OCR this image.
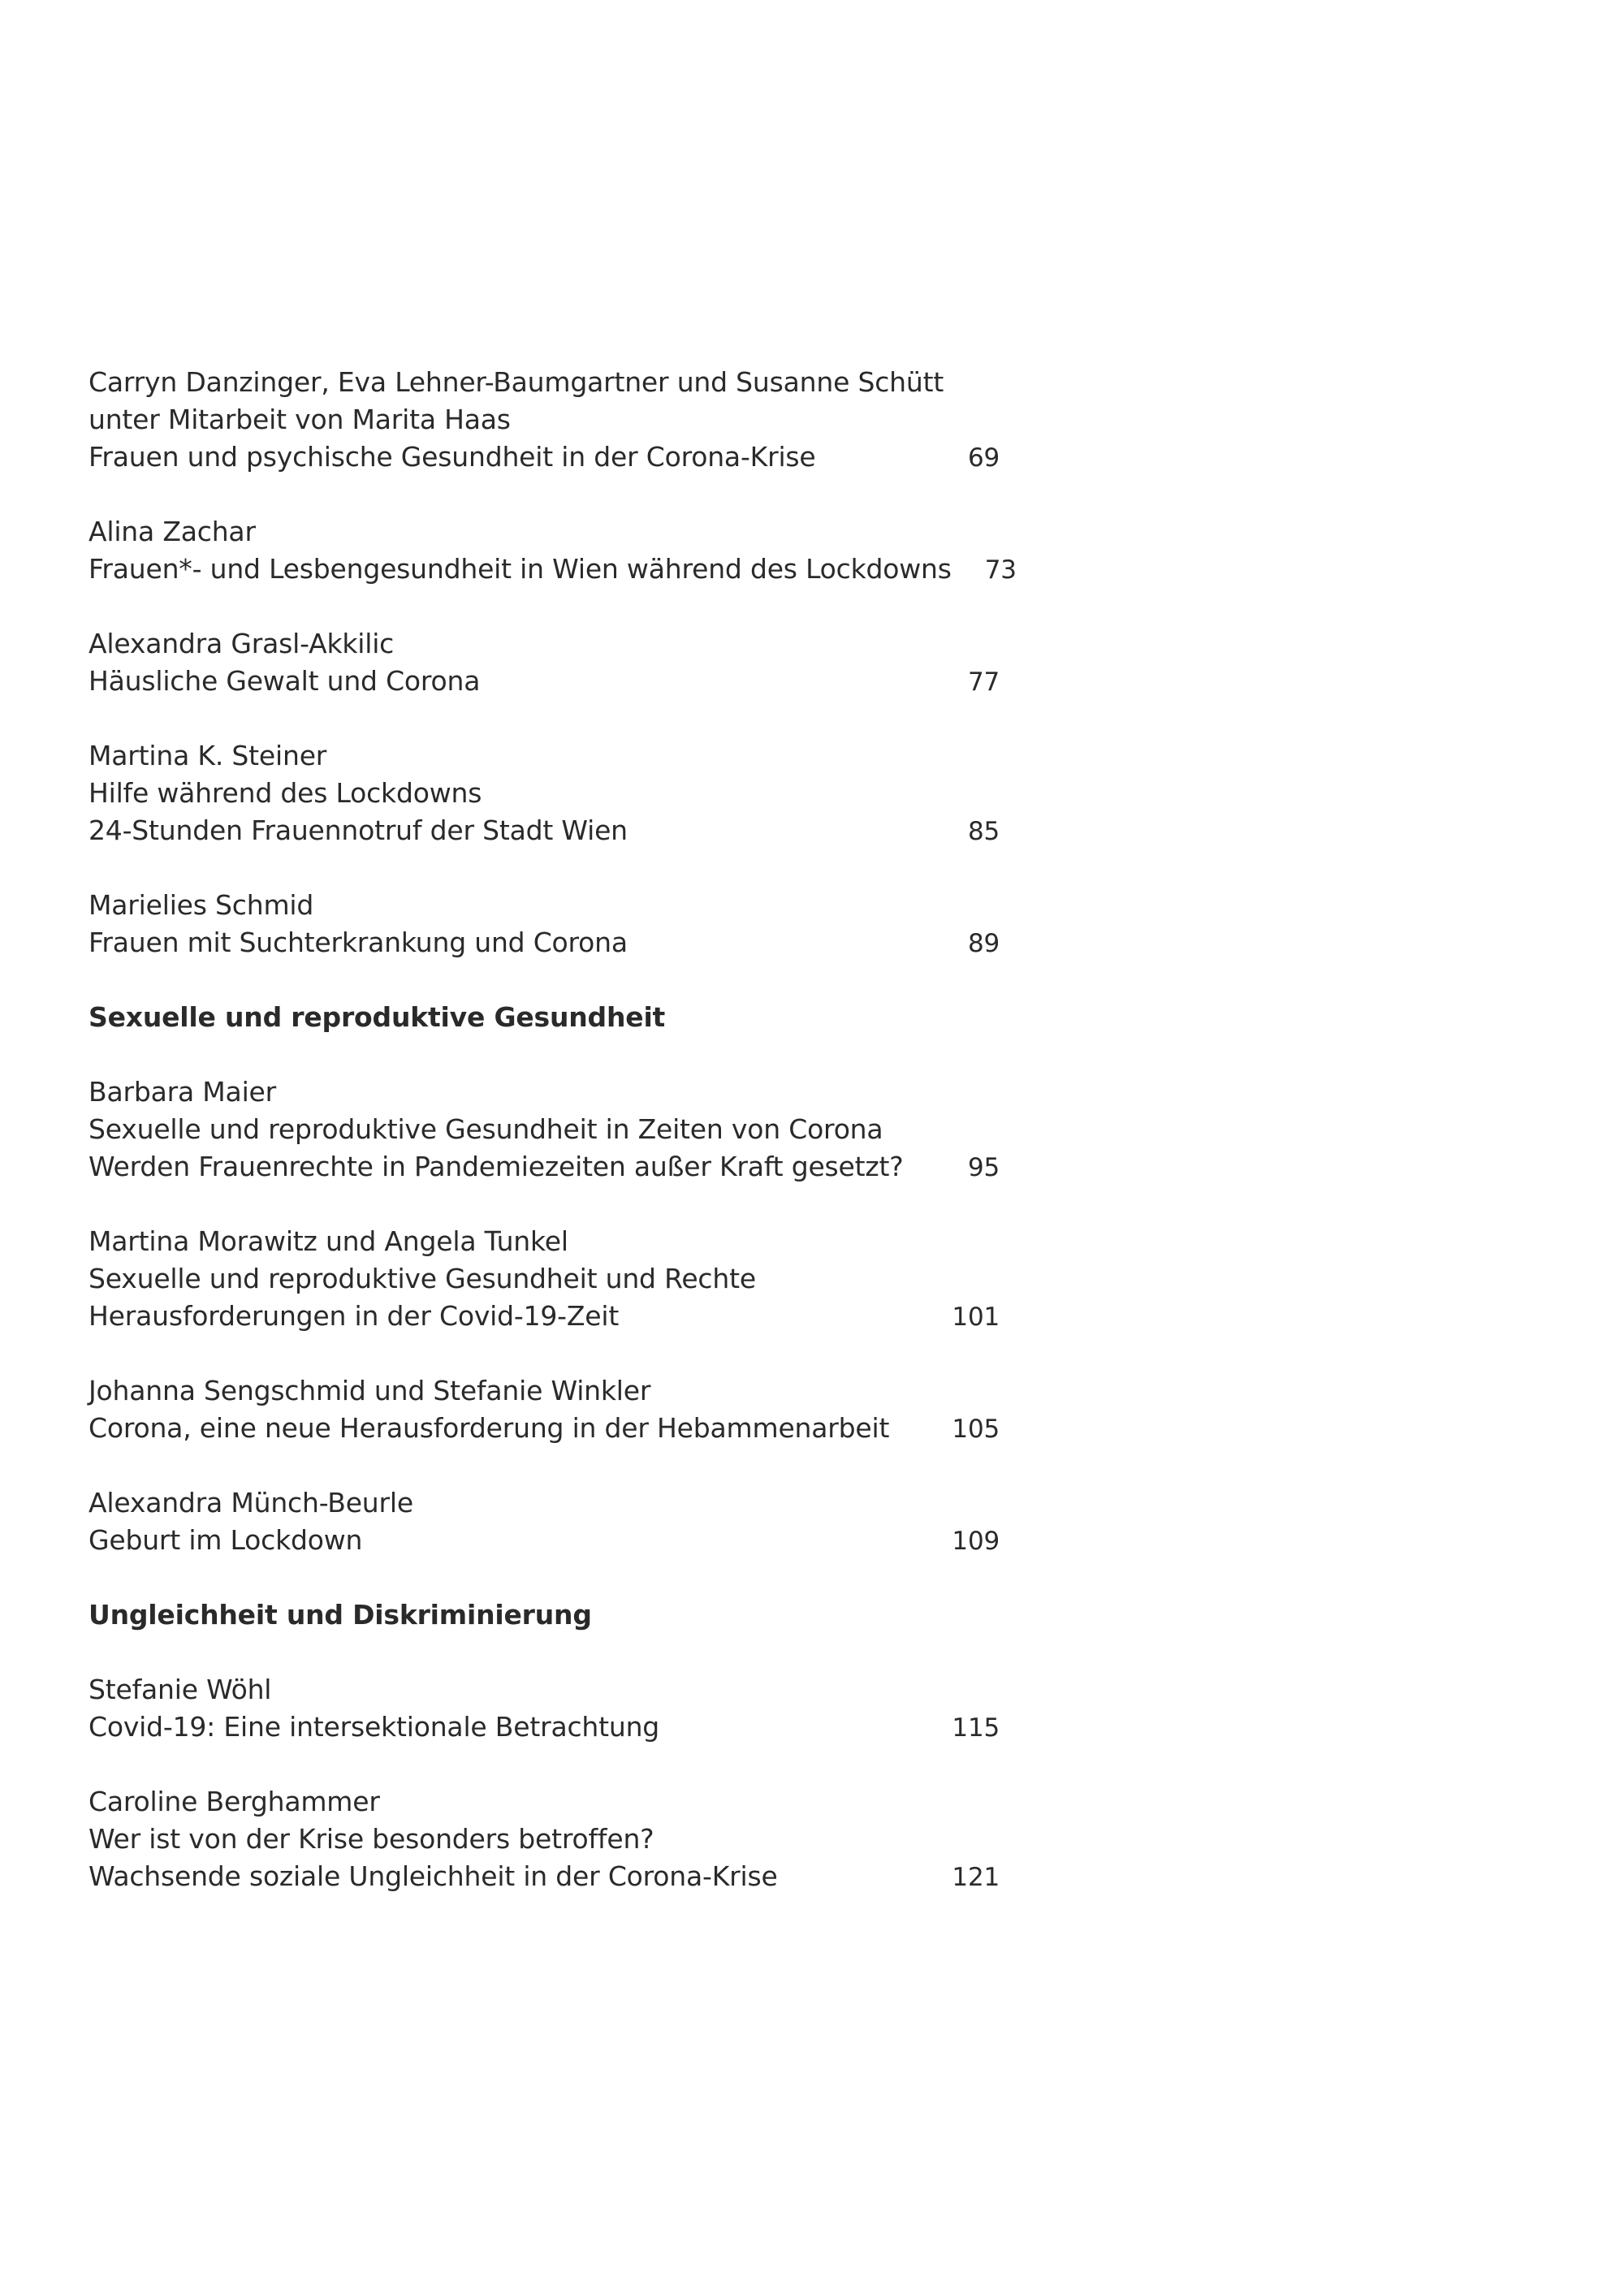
Carryn Danzinger, Eva Lehner-Baumgartner und Susanne Schütt
unter Mitarbeit von Marita Haas
Frauen und psychische Gesundheit in der Corona-Krise	69
Alina Zachar
Frauen*- und Lesbengesundheit in Wien während des Lockdowns	73
Alexandra Grasl-Akkilic
Häusliche Gewalt und Corona	77
Martina K. Steiner
Hilfe während des Lockdowns
24-Stunden Frauennotruf der Stadt Wien	85
Marielies Schmid
Frauen mit Suchterkrankung und Corona	89
Sexuelle und reproduktive Gesundheit
Barbara Maier
Sexuelle und reproduktive Gesundheit in Zeiten von Corona
Werden Frauenrechte in Pandemiezeiten außer Kraft gesetzt?	95
Martina Morawitz und Angela Tunkel
Sexuelle und reproduktive Gesundheit und Rechte
Herausforderungen in der Covid-19-Zeit	101
Johanna Sengschmid und Stefanie Winkler
Corona, eine neue Herausforderung in der Hebammenarbeit	105
Alexandra Münch-Beurle
Geburt im Lockdown	109
Ungleichheit und Diskriminierung
Stefanie Wöhl
Covid-19: Eine intersektionale Betrachtung	115
Caroline Berghammer
Wer ist von der Krise besonders betroffen?
Wachsende soziale Ungleichheit in der Corona-Krise	121
